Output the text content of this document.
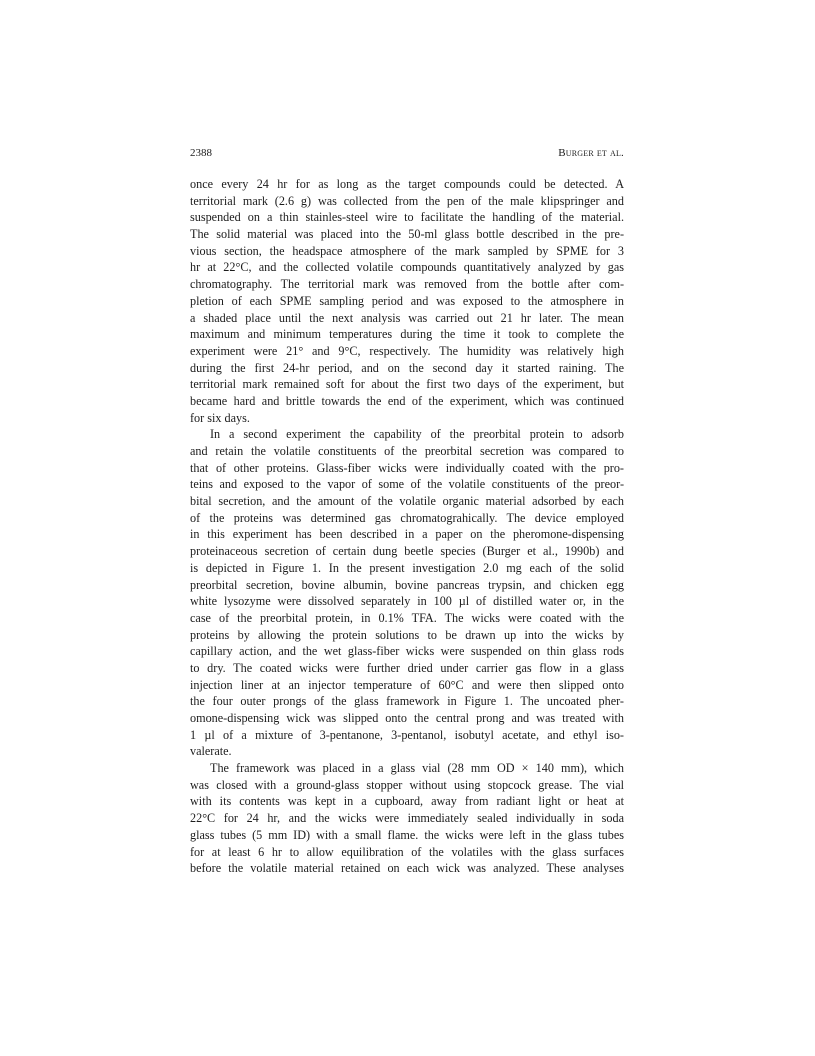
2388	Burger et al.
once every 24 hr for as long as the target compounds could be detected. A
territorial mark (2.6 g) was collected from the pen of the male klipspringer and
suspended on a thin stainles-steel wire to facilitate the handling of the material.
The solid material was placed into the 50-ml glass bottle described in the pre-
vious section, the headspace atmosphere of the mark sampled by SPME for 3
hr at 22°C, and the collected volatile compounds quantitatively analyzed by gas
chromatography. The territorial mark was removed from the bottle after com-
pletion of each SPME sampling period and was exposed to the atmosphere in
a shaded place until the next analysis was carried out 21 hr later. The mean
maximum and minimum temperatures during the time it took to complete the
experiment were 21° and 9°C, respectively. The humidity was relatively high
during the first 24-hr period, and on the second day it started raining. The
territorial mark remained soft for about the first two days of the experiment, but
became hard and brittle towards the end of the experiment, which was continued
for six days.
In a second experiment the capability of the preorbital protein to adsorb
and retain the volatile constituents of the preorbital secretion was compared to
that of other proteins. Glass-fiber wicks were individually coated with the pro-
teins and exposed to the vapor of some of the volatile constituents of the preor-
bital secretion, and the amount of the volatile organic material adsorbed by each
of the proteins was determined gas chromatograhically. The device employed
in this experiment has been described in a paper on the pheromone-dispensing
proteinaceous secretion of certain dung beetle species (Burger et al., 1990b) and
is depicted in Figure 1. In the present investigation 2.0 mg each of the solid
preorbital secretion, bovine albumin, bovine pancreas trypsin, and chicken egg
white lysozyme were dissolved separately in 100 µl of distilled water or, in the
case of the preorbital protein, in 0.1% TFA. The wicks were coated with the
proteins by allowing the protein solutions to be drawn up into the wicks by
capillary action, and the wet glass-fiber wicks were suspended on thin glass rods
to dry. The coated wicks were further dried under carrier gas flow in a glass
injection liner at an injector temperature of 60°C and were then slipped onto
the four outer prongs of the glass framework in Figure 1. The uncoated pher-
omone-dispensing wick was slipped onto the central prong and was treated with
1 µl of a mixture of 3-pentanone, 3-pentanol, isobutyl acetate, and ethyl iso-
valerate.
The framework was placed in a glass vial (28 mm OD × 140 mm), which
was closed with a ground-glass stopper without using stopcock grease. The vial
with its contents was kept in a cupboard, away from radiant light or heat at
22°C for 24 hr, and the wicks were immediately sealed individually in soda
glass tubes (5 mm ID) with a small flame. the wicks were left in the glass tubes
for at least 6 hr to allow equilibration of the volatiles with the glass surfaces
before the volatile material retained on each wick was analyzed. These analyses
